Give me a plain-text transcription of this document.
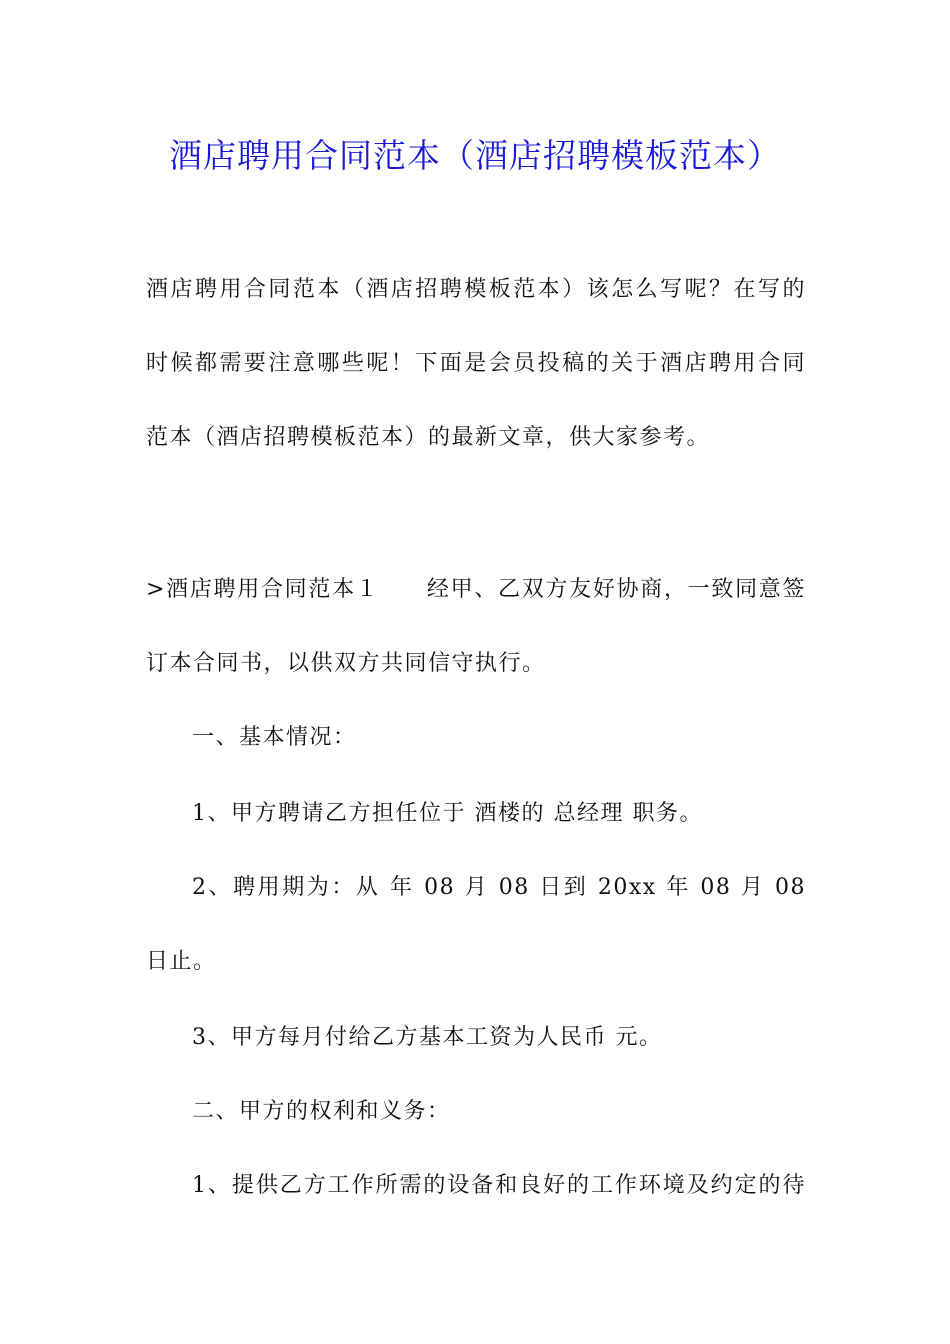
酒店聘用合同范本（酒店招聘模板范本）
酒店聘用合同范本（酒店招聘模板范本）该怎么写呢？在写的
时候都需要注意哪些呢！下面是会员投稿的关于酒店聘用合同
范本（酒店招聘模板范本）的最新文章，供大家参考。
>酒店聘用合同范本１　　经甲、乙双方友好协商，一致同意签
订本合同书，以供双方共同信守执行。
一、基本情况：
1、甲方聘请乙方担任位于 酒楼的 总经理 职务。
2、聘用期为：从 年 08 月 08 日到 20xx 年 08 月 08
日止。
3、甲方每月付给乙方基本工资为人民币 元。
二、甲方的权利和义务：
1、提供乙方工作所需的设备和良好的工作环境及约定的待
